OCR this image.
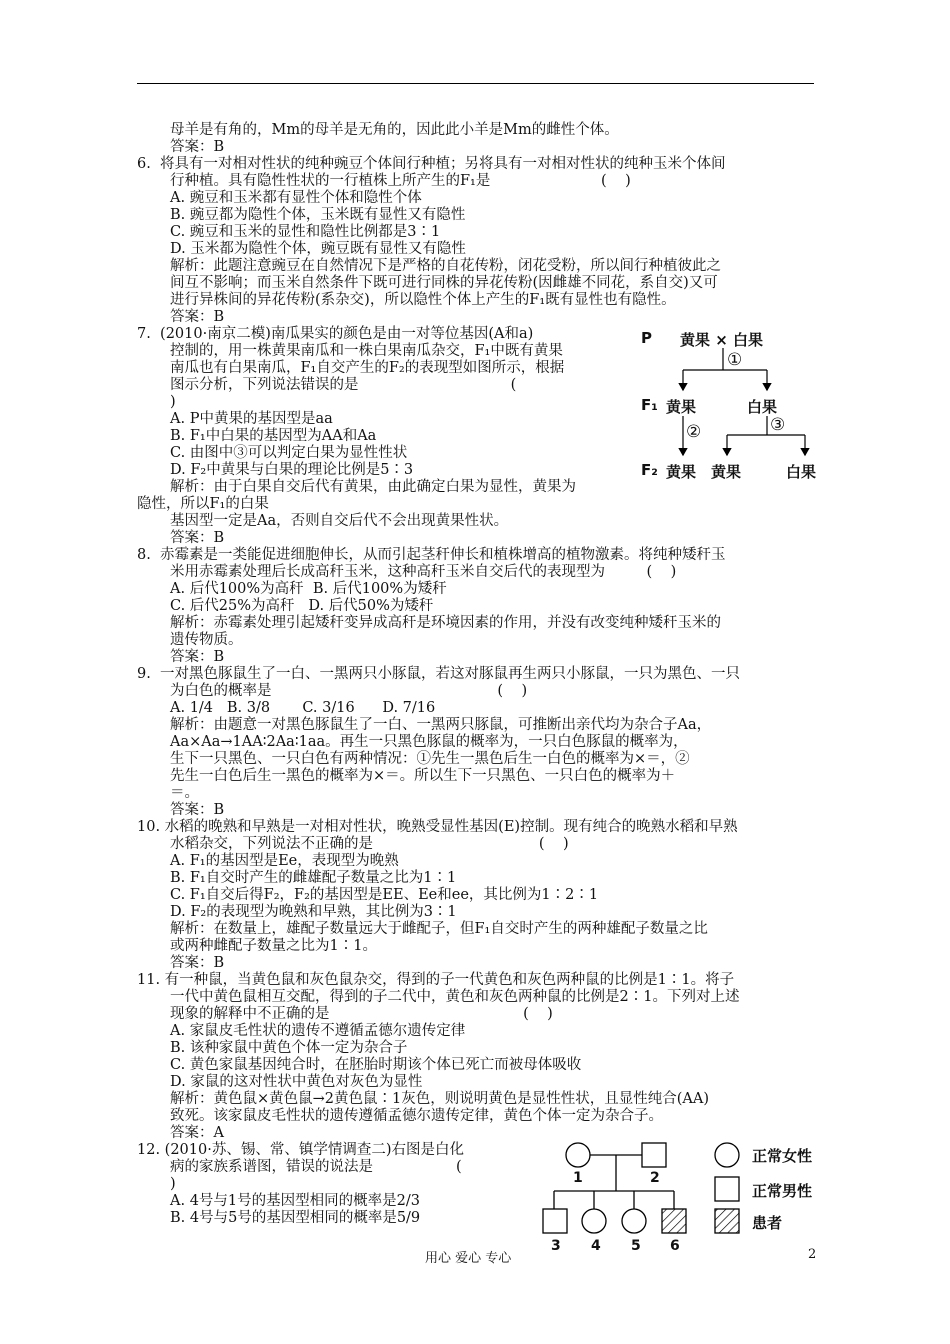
母羊是有角的，Mm的母羊是无角的，因此此小羊是Mm的雌性个体。
答案：B
6.  将具有一对相对性状的纯种豌豆个体间行种植；另将具有一对相对性状的纯种玉米个体间
行种植。具有隐性性状的一行植株上所产生的F₁是                        (    )
A. 豌豆和玉米都有显性个体和隐性个体
B. 豌豆都为隐性个体，玉米既有显性又有隐性
C. 豌豆和玉米的显性和隐性比例都是3∶1
D. 玉米都为隐性个体，豌豆既有显性又有隐性
解析：此题注意豌豆在自然情况下是严格的自花传粉，闭花受粉，所以间行种植彼此之
间互不影响；而玉米自然条件下既可进行同株的异花传粉(因雌雄不同花，系自交)又可
进行异株间的异花传粉(系杂交)，所以隐性个体上产生的F₁既有显性也有隐性。
答案：B
7.  (2010·南京二模)南瓜果实的颜色是由一对等位基因(A和a)
控制的，用一株黄果南瓜和一株白果南瓜杂交，F₁中既有黄果
南瓜也有白果南瓜，F₁自交产生的F₂的表现型如图所示，根据
图示分析，下列说法错误的是                                 (
)
A. P中黄果的基因型是aa
B. F₁中白果的基因型为AA和Aa
C. 由图中③可以判定白果为显性性状
D. F₂中黄果与白果的理论比例是5∶3
解析：由于白果自交后代有黄果，由此确定白果为显性，黄果为
隐性，所以F₁的白果
基因型一定是Aa，否则自交后代不会出现黄果性状。
答案：B
8.  赤霉素是一类能促进细胞伸长，从而引起茎秆伸长和植株增高的植物激素。将纯种矮秆玉
米用赤霉素处理后长成高秆玉米，这种高秆玉米自交后代的表现型为         (    )
A. 后代100%为高秆  B. 后代100%为矮秆
C. 后代25%为高秆   D. 后代50%为矮秆
解析：赤霉素处理引起矮秆变异成高秆是环境因素的作用，并没有改变纯种矮秆玉米的
遗传物质。
答案：B
9.  一对黑色豚鼠生了一白、一黑两只小豚鼠，若这对豚鼠再生两只小豚鼠，一只为黑色、一只
为白色的概率是                                                 (    )
A. 1/4   B. 3/8       C. 3/16      D. 7/16
解析：由题意一对黑色豚鼠生了一白、一黑两只豚鼠，可推断出亲代均为杂合子Aa，
Aa×Aa→1AA∶2Aa∶1aa。再生一只黑色豚鼠的概率为，一只白色豚鼠的概率为，
生下一只黑色、一只白色有两种情况：①先生一黑色后生一白色的概率为×＝，②
先生一白色后生一黑色的概率为×＝。所以生下一只黑色、一只白色的概率为＋
＝。
答案：B
10. 水稻的晚熟和早熟是一对相对性状，晚熟受显性基因(E)控制。现有纯合的晚熟水稻和早熟
水稻杂交，下列说法不正确的是                                    (    )
A. F₁的基因型是Ee，表现型为晚熟
B. F₁自交时产生的雌雄配子数量之比为1∶1
C. F₁自交后得F₂，F₂的基因型是EE、Ee和ee，其比例为1∶2∶1
D. F₂的表现型为晚熟和早熟，其比例为3∶1
解析：在数量上，雄配子数量远大于雌配子，但F₁自交时产生的两种雄配子数量之比
或两种雌配子数量之比为1∶1。
答案：B
11. 有一种鼠，当黄色鼠和灰色鼠杂交，得到的子一代黄色和灰色两种鼠的比例是1∶1。将子
一代中黄色鼠相互交配，得到的子二代中，黄色和灰色两种鼠的比例是2∶1。下列对上述
现象的解释中不正确的是                                          (    )
A. 家鼠皮毛性状的遗传不遵循孟德尔遗传定律
B. 该种家鼠中黄色个体一定为杂合子
C. 黄色家鼠基因纯合时，在胚胎时期该个体已死亡而被母体吸收
D. 家鼠的这对性状中黄色对灰色为显性
解析：黄色鼠×黄色鼠→2黄色鼠∶1灰色，则说明黄色是显性性状，且显性纯合(AA)
致死。该家鼠皮毛性状的遗传遵循孟德尔遗传定律，黄色个体一定为杂合子。
答案：A
12. (2010·苏、锡、常、镇学情调查二)右图是白化
病的家族系谱图，错误的说法是                  (
)
A. 4号与1号的基因型相同的概率是2/3
B. 4号与5号的基因型相同的概率是5/9
P 黄果 × 白果
①
F₁ 黄果	白果
②	③
F₂ 黄果 黄果	白果
1	2
3 4 5 6
正常女性
正常男性
患者
用心 爱心 专心	2
